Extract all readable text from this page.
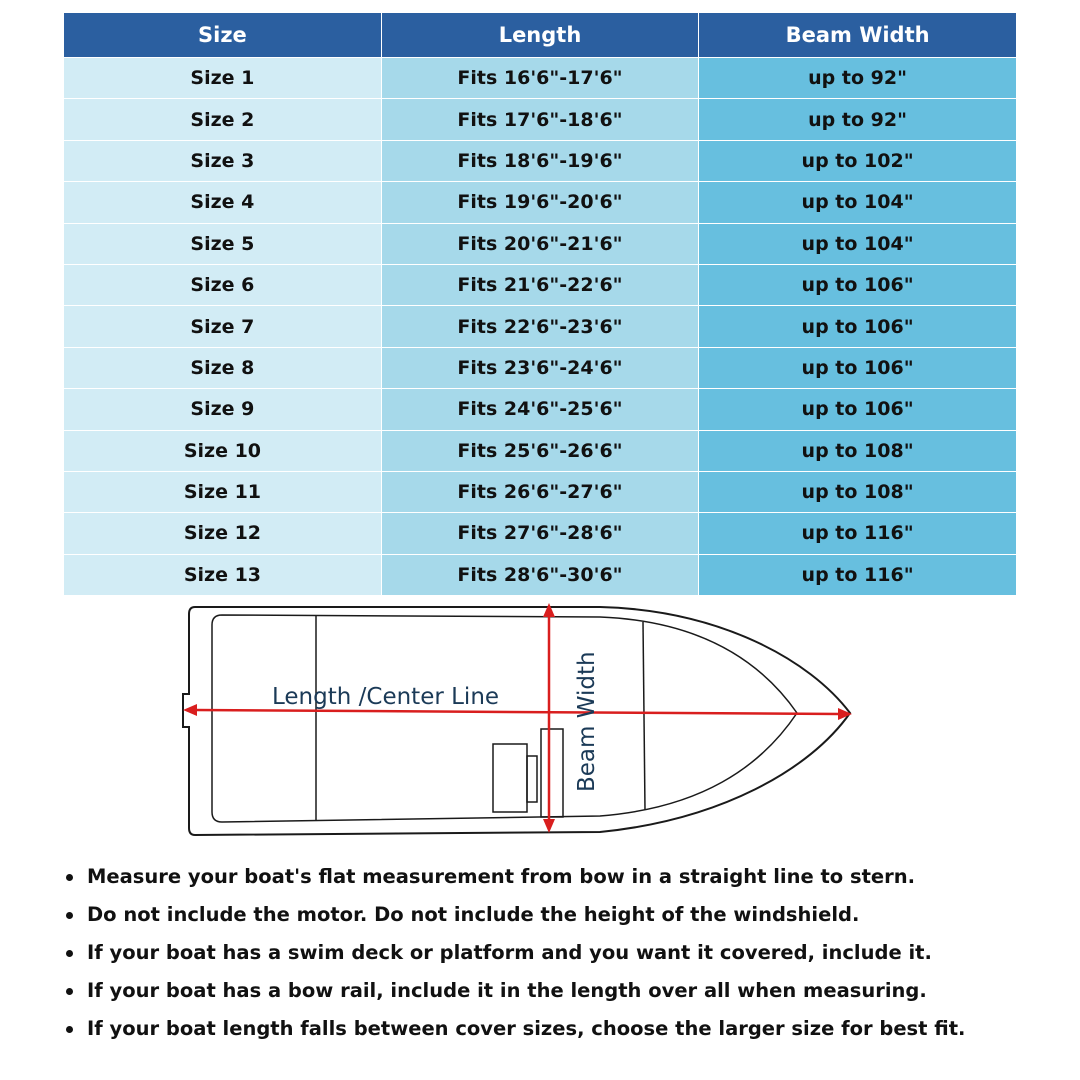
Size	Length	Beam Width
Size 1	Fits 16'6"-17'6"	up to 92"
Size 2	Fits 17'6"-18'6"	up to 92"
Size 3	Fits 18'6"-19'6"	up to 102"
Size 4	Fits 19'6"-20'6"	up to 104"
Size 5	Fits 20'6"-21'6"	up to 104"
Size 6	Fits 21'6"-22'6"	up to 106"
Size 7	Fits 22'6"-23'6"	up to 106"
Size 8	Fits 23'6"-24'6"	up to 106"
Size 9	Fits 24'6"-25'6"	up to 106"
Size 10	Fits 25'6"-26'6"	up to 108"
Size 11	Fits 26'6"-27'6"	up to 108"
Size 12	Fits 27'6"-28'6"	up to 116"
Size 13	Fits 28'6"-30'6"	up to 116"
Length /Center Line	Beam Width
Measure your boat's flat measurement from bow in a straight line to stern.
Do not include the motor. Do not include the height of the windshield.
If your boat has a swim deck or platform and you want it covered, include it.
If your boat has a bow rail, include it in the length over all when measuring.
If your boat length falls between cover sizes, choose the larger size for best fit.
